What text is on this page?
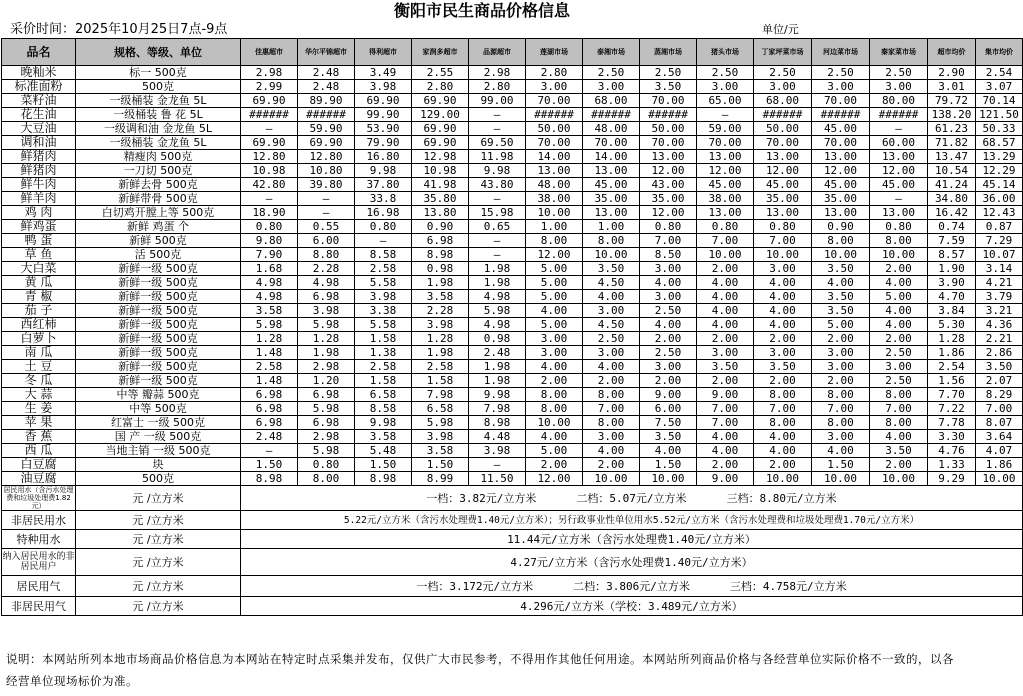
衡阳市民生商品价格信息
采价时间：2025年10月25日7点-9点	单位/元
品名	规格、等级、单位	佳惠超市	华尔平锦超市	得利超市	家润多超市	品源超市	莲湖市场	泰湘市场	蒸湘市场	猪头市场	丁家坪菜市场	河边菜市场	秦家菜市场	超市均价	集市均价
晚籼米	标一 500克	2.98	2.48	3.49	2.55	2.98	2.80	2.50	2.50	2.50	2.50	2.50	2.50	2.90	2.54
标准面粉	500克	2.99	2.48	3.98	2.80	2.80	3.00	3.00	3.50	3.00	3.00	3.00	3.00	3.01	3.07
菜籽油	一级桶装 金龙鱼 5L	69.90	89.90	69.90	69.90	99.00	70.00	68.00	70.00	65.00	68.00	70.00	80.00	79.72	70.14
花生油	一级桶装 鲁 花 5L	######	######	99.90	129.00	—	######	######	######	—	######	######	######	138.20	121.50
大豆油	一级调和油 金龙鱼 5L	—	59.90	53.90	69.90	—	50.00	48.00	50.00	59.00	50.00	45.00	—	61.23	50.33
调和油	一级桶装 金龙鱼 5L	69.90	69.90	79.90	69.90	69.50	70.00	70.00	70.00	70.00	70.00	70.00	60.00	71.82	68.57
鲜猪肉	精瘦肉 500克	12.80	12.80	16.80	12.98	11.98	14.00	14.00	13.00	13.00	13.00	13.00	13.00	13.47	13.29
鲜猪肉	一刀切 500克	10.98	10.80	9.98	10.98	9.98	13.00	13.00	12.00	12.00	12.00	12.00	12.00	10.54	12.29
鲜牛肉	新鲜去骨 500克	42.80	39.80	37.80	41.98	43.80	48.00	45.00	43.00	45.00	45.00	45.00	45.00	41.24	45.14
鲜羊肉	新鲜带骨 500克	—	—	33.8	35.80	—	38.00	35.00	35.00	38.00	35.00	35.00	—	34.80	36.00
鸡 肉	白切鸡开膛上等 500克	18.90	—	16.98	13.80	15.98	10.00	13.00	12.00	13.00	13.00	13.00	13.00	16.42	12.43
鲜鸡蛋	新鲜 鸡蛋 个	0.80	0.55	0.80	0.90	0.65	1.00	1.00	0.80	0.80	0.80	0.90	0.80	0.74	0.87
鸭 蛋	新鲜 500克	9.80	6.00	—	6.98	—	8.00	8.00	7.00	7.00	7.00	8.00	8.00	7.59	7.29
草 鱼	活 500克	7.90	8.80	8.58	8.98	—	12.00	10.00	8.50	10.00	10.00	10.00	10.00	8.57	10.07
大白菜	新鲜一级 500克	1.68	2.28	2.58	0.98	1.98	5.00	3.50	3.00	2.00	3.00	3.50	2.00	1.90	3.14
黄 瓜	新鲜一级 500克	4.98	4.98	5.58	1.98	1.98	5.00	4.50	4.00	4.00	4.00	4.00	4.00	3.90	4.21
青 椒	新鲜一级 500克	4.98	6.98	3.98	3.58	4.98	5.00	4.00	3.00	4.00	4.00	3.50	5.00	4.70	3.79
茄 子	新鲜一级 500克	3.58	3.98	3.38	2.28	5.98	4.00	3.00	2.50	4.00	4.00	3.50	4.00	3.84	3.21
西红柿	新鲜一级 500克	5.98	5.98	5.58	3.98	4.98	5.00	4.50	4.00	4.00	4.00	5.00	4.00	5.30	4.36
白萝卜	新鲜一级 500克	1.28	1.28	1.58	1.28	0.98	3.00	2.50	2.00	2.00	2.00	2.00	2.00	1.28	2.21
南 瓜	新鲜一级 500克	1.48	1.98	1.38	1.98	2.48	3.00	3.00	2.50	3.00	3.00	3.00	2.50	1.86	2.86
土 豆	新鲜一级 500克	2.58	2.98	2.58	2.58	1.98	4.00	4.00	3.00	3.50	3.50	3.00	3.00	2.54	3.50
冬 瓜	新鲜一级 500克	1.48	1.20	1.58	1.58	1.98	2.00	2.00	2.00	2.00	2.00	2.00	2.50	1.56	2.07
大 蒜	中等 瓣蒜 500克	6.98	6.98	6.58	7.98	9.98	8.00	8.00	9.00	9.00	8.00	8.00	8.00	7.70	8.29
生 姜	中等 500克	6.98	5.98	8.58	6.58	7.98	8.00	7.00	6.00	7.00	7.00	7.00	7.00	7.22	7.00
苹 果	红富士 一级 500克	6.98	6.98	9.98	5.98	8.98	10.00	8.00	7.50	7.00	8.00	8.00	8.00	7.78	8.07
香 蕉	国 产 一级 500克	2.48	2.98	3.58	3.98	4.48	4.00	3.00	3.50	4.00	4.00	3.00	4.00	3.30	3.64
西 瓜	当地主销 一级 500克	—	5.98	5.48	3.58	3.98	5.00	4.00	4.00	4.00	4.00	4.00	3.50	4.76	4.07
白豆腐	块	1.50	0.80	1.50	1.50	—	2.00	2.00	1.50	2.00	2.00	1.50	2.00	1.33	1.86
油豆腐	500克	8.98	8.00	8.98	8.99	11.50	12.00	10.00	10.00	9.00	10.00	10.00	10.00	9.29	10.00
居民用水（含污水处理费和垃圾处理费1.82元）	元 /立方米	一档：3.82元/立方米 二档：5.07元/立方米 三档：8.80元/立方米													
非居民用水	元 /立方米	5.22元/立方米（含污水处理费1.40元/立方米）；另行政事业性单位用水5.52元/立方米（含污水处理费和垃圾处理费1.70元/立方米）													
特种用水	元 /立方米	11.44元/立方米（含污水处理费1.40元/立方米）													
纳入居民用水的非居民用户	元 /立方米	4.27元/立方米（含污水处理费1.40元/立方米）													
居民用气	元 /立方米	一档：3.172元/立方米 二档：3.806元/立方米 三档：4.758元/立方米													
非居民用气	元 /立方米	4.296元/立方米（学校：3.489元/立方米）													
说明：本网站所列本地市场商品价格信息为本网站在特定时点采集并发布，仅供广大市民参考，不得用作其他任何用途。本网站所列商品价格与各经营单位实际价格不一致的，以各经营单位现场标价为准。
